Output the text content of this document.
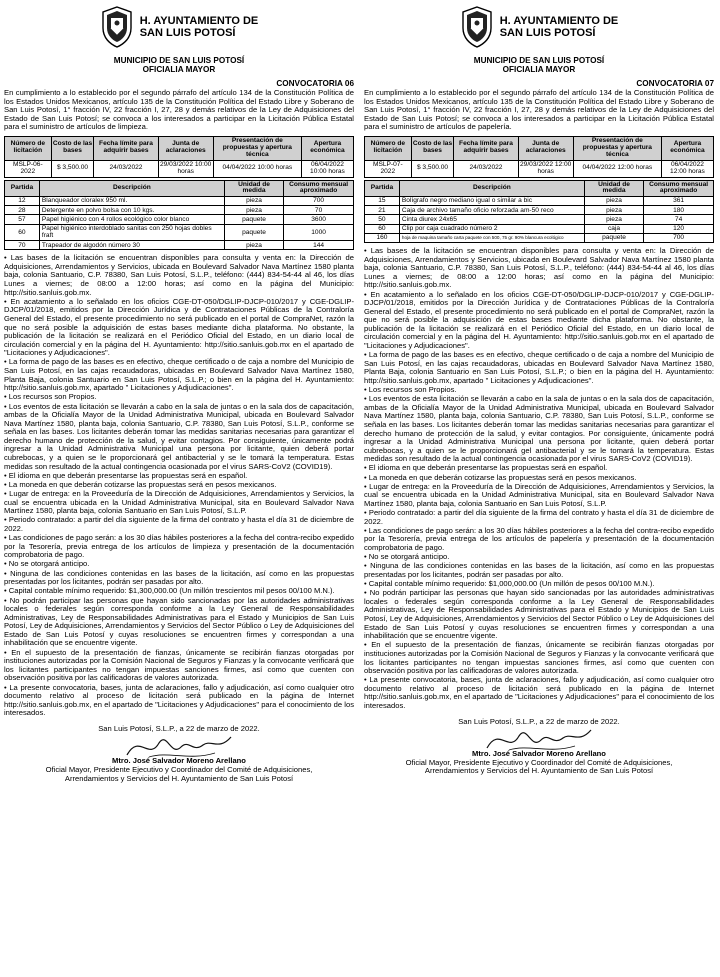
H. AYUNTAMIENTO DE
SAN LUIS POTOSÍ
MUNICIPIO DE SAN LUIS POTOSÍ
OFICIALIA MAYOR
CONVOCATORIA 06
En cumplimiento a lo establecido por el segundo párrafo del artículo 134 de la Constitución Política de los Estados Unidos Mexicanos, artículo 135 de la Constitución Política del Estado Libre y Soberano de San Luis Potosí, 1° fracción IV, 22 fracción I, 27, 28 y demás relativos de la Ley de Adquisiciones del Estado de San Luis Potosí; se convoca a los interesados a participar en la Licitación Pública Estatal para el suministro de artículos de limpieza.
Número de licitación	Costo de las bases	Fecha límite para adquirir bases	Junta de aclaraciones	Presentación de propuestas y apertura técnica	Apertura económica
MSLP-06-2022	$ 3,500.00	24/03/2022	29/03/2022 10:00 horas	04/04/2022 10:00 horas	06/04/2022 10:00 horas
Partida	Descripción	Unidad de medida	Consumo mensual aproximado
12	Blanqueador cloralex 950 ml.	pieza	700
28	Detergente en polvo bolsa con 10 kgs.	pieza	70
57	Papel higiénico con 4 rollos ecológico color blanco	paquete	3600
60	Papel higiénico interdoblado sanitas con 250 hojas dobles fraft	paquete	1000
70	Trapeador de algodón número 30	pieza	144

• Las bases de la licitación se encuentran disponibles para consulta y venta en: la Dirección de Adquisiciones, Arrendamientos y Servicios, ubicada en Boulevard Salvador Nava Martínez 1580 planta baja, colonia Santuario, C.P. 78380, San Luis Potosí, S.L.P., teléfono: (444) 834-54-44 al 46, los días Lunes a viernes; de 08:00 a 12:00 horas; así como en la página del Municipio: http://sitio.sanluis.gob.mx.

• En acatamiento a lo señalado en los oficios CGE-DT-050/DGLIP-DJCP-010/2017 y CGE-DGLIP-DJCP/01/2018, emitidos por la Dirección Jurídica y de Contrataciones Públicas de la Contraloría General del Estado, el presente procedimiento no será publicado en el portal de CompraNet, razón la que no será posible la adquisición de estas bases mediante dicha plataforma. No obstante, la publicación de la licitación se realizará en el Periódico Oficial del Estado, en un diario local de circulación comercial y en la página del H. Ayuntamiento: http://sitio.sanluis.gob.mx en el apartado de "Licitaciones y Adjudicaciones".

• La forma de pago de las bases es en efectivo, cheque certificado o de caja a nombre del Municipio de San Luis Potosí, en las cajas recaudadoras, ubicadas en Boulevard Salvador Nava Martínez 1580, Planta Baja, colonia Santuario en San Luis Potosí, S.L.P.; o bien en la página del H. Ayuntamiento: http://sitio.sanluis.gob.mx, apartado " Licitaciones y Adjudicaciones".

• Los recursos son Propios.

• Los eventos de esta licitación se llevarán a cabo en la sala de juntas o en la sala dos de capacitación, ambas de la Oficialía Mayor de la Unidad Administrativa Municipal, ubicada en Boulevard Salvador Nava Martínez 1580, planta baja, colonia Santuario, C.P. 78380, San Luis Potosí, S.L.P., conforme se señala en las bases. Los licitantes deberán tomar las medidas sanitarias necesarias para garantizar el derecho humano de protección de la salud, y evitar contagios. Por consiguiente, únicamente podrá ingresar a la Unidad Administrativa Municipal una persona por licitante, quien deberá portar cubrebocas, y a quien se le proporcionará gel antibacterial y se le tomará la temperatura. Estas medidas son resultado de la actual contingencia ocasionada por el virus SARS-CoV2 (COVID19).

• El idioma en que deberán presentarse las propuestas será en español.

• La moneda en que deberán cotizarse las propuestas será en pesos mexicanos.

• Lugar de entrega: en la Proveeduría de la Dirección de Adquisiciones, Arrendamientos y Servicios, la cual se encuentra ubicada en la Unidad Administrativa Municipal, sita en Boulevard Salvador Nava Martínez 1580, planta baja, colonia Santuario en San Luis Potosí, S.L.P.

• Periodo contratado: a partir del día siguiente de la firma del contrato y hasta el día 31 de diciembre de 2022.

• Las condiciones de pago serán: a los 30 días hábiles posteriores a la fecha del contra-recibo expedido por la Tesorería, previa entrega de los artículos de limpieza y presentación de la documentación comprobatoria de pago.

• No se otorgará anticipo.

• Ninguna de las condiciones contenidas en las bases de la licitación, así como en las propuestas presentadas por los licitantes, podrán ser pasadas por alto.

• Capital contable mínimo requerido: $1,300,000.00 (Un millón trescientos mil pesos 00/100 M.N.).

• No podrán participar las personas que hayan sido sancionadas por las autoridades administrativas locales o federales según corresponda conforme a la Ley General de Responsabilidades Administrativas, Ley de Responsabilidades Administrativas para el Estado y Municipios de San Luis Potosí, Ley de Adquisiciones, Arrendamientos y Servicios del Sector Público o Ley de Adquisiciones del Estado de San Luis Potosí y cuyas resoluciones se encuentren firmes y correspondan a una inhabilitación que se encuentre vigente.

• En el supuesto de la presentación de fianzas, únicamente se recibirán fianzas otorgadas por instituciones autorizadas por la Comisión Nacional de Seguros y Fianzas y la convocante verificará que los licitantes participantes no tengan impuestas sanciones firmes, así como que cuenten con observación positiva por las calificadoras de valores autorizada.

• La presente convocatoria, bases, junta de aclaraciones, fallo y adjudicación, así como cualquier otro documento relativo al proceso de licitación será publicado en la página de Internet http://sitio.sanluis.gob.mx, en el apartado de "Licitaciones y Adjudicaciones" para el conocimiento de los interesados.

San Luis Potosí, S.L.P., a 22 de marzo de 2022.
Mtro. José Salvador Moreno Arellano
Oficial Mayor, Presidente Ejecutivo y Coordinador del Comité de Adquisiciones,
Arrendamientos y Servicios del H. Ayuntamiento de San Luis Potosí
H. AYUNTAMIENTO DE
SAN LUIS POTOSÍ
MUNICIPIO DE SAN LUIS POTOSÍ
OFICIALIA MAYOR
CONVOCATORIA 07
En cumplimiento a lo establecido por el segundo párrafo del artículo 134 de la Constitución Política de los Estados Unidos Mexicanos, artículo 135 de la Constitución Política del Estado Libre y Soberano de San Luis Potosí, 1° fracción IV, 22 fracción I, 27, 28 y demás relativos de la Ley de Adquisiciones del Estado de San Luis Potosí; se convoca a los interesados a participar en la Licitación Pública Estatal para el suministro de artículos de papelería.
Número de licitación	Costo de las bases	Fecha límite para adquirir bases	Junta de aclaraciones	Presentación de propuestas y apertura técnica	Apertura económica
MSLP-07-2022	$ 3,500.00	24/03/2022	29/03/2022 12:00 horas	04/04/2022 12:00 horas	06/04/2022 12:00 horas
Partida	Descripción	Unidad de medida	Consumo mensual aproximado
15	Bolígrafo negro mediano igual o similar a bic	pieza	361
21	Caja de archivo tamaño oficio reforzada am-50 reco	pieza	180
50	Cinta diurex 24x65	pieza	74
60	Clip por caja cuadrado número 2	caja	120
160	hoja de maquina tamaño carta paquete con 500, 75 gr. 90% blancura ecológico	paquete	700

• Las bases de la licitación se encuentran disponibles para consulta y venta en: la Dirección de Adquisiciones, Arrendamientos y Servicios, ubicada en Boulevard Salvador Nava Martínez 1580 planta baja, colonia Santuario, C.P. 78380, San Luis Potosí, S.L.P., teléfono: (444) 834-54-44 al 46, los días Lunes a viernes; de 08:00 a 12:00 horas; así como en la página del Municipio: http://sitio.sanluis.gob.mx.

• En acatamiento a lo señalado en los oficios CGE-DT-050/DGLIP-DJCP-010/2017 y CGE-DGLIP-DJCP/01/2018, emitidos por la Dirección Jurídica y de Contrataciones Públicas de la Contraloría General del Estado, el presente procedimiento no será publicado en el portal de CompraNet, razón la que no será posible la adquisición de estas bases mediante dicha plataforma. No obstante, la publicación de la licitación se realizará en el Periódico Oficial del Estado, en un diario local de circulación comercial y en la página del H. Ayuntamiento: http://sitio.sanluis.gob.mx en el apartado de "Licitaciones y Adjudicaciones".

• La forma de pago de las bases es en efectivo, cheque certificado o de caja a nombre del Municipio de San Luis Potosí, en las cajas recaudadoras, ubicadas en Boulevard Salvador Nava Martínez 1580, Planta Baja, colonia Santuario en San Luis Potosí, S.L.P.; o bien en la página del H. Ayuntamiento: http://sitio.sanluis.gob.mx, apartado " Licitaciones y Adjudicaciones".

• Los recursos son Propios.

• Los eventos de esta licitación se llevarán a cabo en la sala de juntas o en la sala dos de capacitación, ambas de la Oficialía Mayor de la Unidad Administrativa Municipal, ubicada en Boulevard Salvador Nava Martínez 1580, planta baja, colonia Santuario, C.P. 78380, San Luis Potosí, S.L.P., conforme se señala en las bases. Los licitantes deberán tomar las medidas sanitarias necesarias para garantizar el derecho humano de protección de la salud, y evitar contagios. Por consiguiente, únicamente podrá ingresar a la Unidad Administrativa Municipal una persona por licitante, quien deberá portar cubrebocas, y a quien se le proporcionará gel antibacterial y se le tomará la temperatura. Estas medidas son resultado de la actual contingencia ocasionada por el virus SARS-CoV2 (COVID19).

• El idioma en que deberán presentarse las propuestas será en español.

• La moneda en que deberán cotizarse las propuestas será en pesos mexicanos.

• Lugar de entrega: en la Proveeduría de la Dirección de Adquisiciones, Arrendamientos y Servicios, la cual se encuentra ubicada en la Unidad Administrativa Municipal, sita en Boulevard Salvador Nava Martínez 1580, planta baja, colonia Santuario en San Luis Potosí, S.L.P.

• Periodo contratado: a partir del día siguiente de la firma del contrato y hasta el día 31 de diciembre de 2022.

• Las condiciones de pago serán: a los 30 días hábiles posteriores a la fecha del contra-recibo expedido por la Tesorería, previa entrega de los artículos de papelería y presentación de la documentación comprobatoria de pago.

• No se otorgará anticipo.

• Ninguna de las condiciones contenidas en las bases de la licitación, así como en las propuestas presentadas por los licitantes, podrán ser pasadas por alto.

• Capital contable mínimo requerido: $1,000,000.00 (Un millón de pesos 00/100 M.N.).

• No podrán participar las personas que hayan sido sancionadas por las autoridades administrativas locales o federales según corresponda conforme a la Ley General de Responsabilidades Administrativas, Ley de Responsabilidades Administrativas para el Estado y Municipios de San Luis Potosí, Ley de Adquisiciones, Arrendamientos y Servicios del Sector Público o Ley de Adquisiciones del Estado de San Luis Potosí y cuyas resoluciones se encuentren firmes y correspondan a una inhabilitación que se encuentre vigente.

• En el supuesto de la presentación de fianzas, únicamente se recibirán fianzas otorgadas por instituciones autorizadas por la Comisión Nacional de Seguros y Fianzas y la convocante verificará que los licitantes participantes no tengan impuestas sanciones firmes, así como que cuenten con observación positiva por las calificadoras de valores autorizada.

• La presente convocatoria, bases, junta de aclaraciones, fallo y adjudicación, así como cualquier otro documento relativo al proceso de licitación será publicado en la página de Internet http://sitio.sanluis.gob.mx, en el apartado de "Licitaciones y Adjudicaciones" para el conocimiento de los interesados.

San Luis Potosí, S.L.P., a 22 de marzo de 2022.
Mtro. José Salvador Moreno Arellano
Oficial Mayor, Presidente Ejecutivo y Coordinador del Comité de Adquisiciones,
Arrendamientos y Servicios del H. Ayuntamiento de San Luis Potosí
